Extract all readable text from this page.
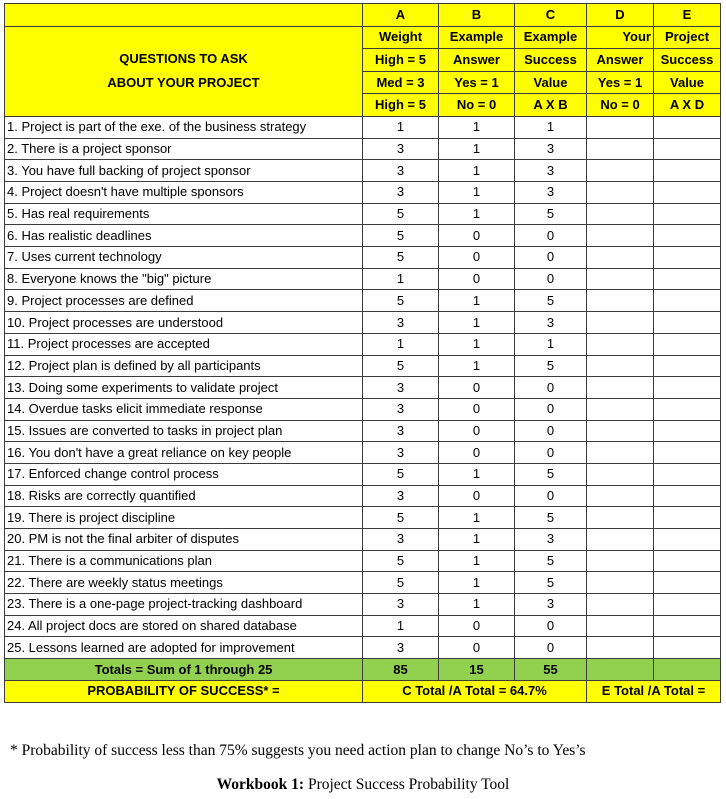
	A	B	C	D	E

QUESTIONS TO ASK
ABOUT YOUR PROJECT	Weight	Example	Example	Your	Project
	High = 5	Answer	Success	Answer	Success
	Med = 3	Yes = 1	Value	Yes = 1	Value
	High = 5	No = 0	A X B	No = 0	A X D
1. Project is part of the exe. of the business strategy	1	1	1		
2. There is a project sponsor	3	1	3		
3. You have full backing of project sponsor	3	1	3		
4. Project doesn't have multiple sponsors	3	1	3		
5. Has real requirements	5	1	5		
6. Has realistic deadlines	5	0	0		
7. Uses current technology	5	0	0		
8. Everyone knows the "big" picture	1	0	0		
9. Project processes are defined	5	1	5		
10. Project processes are understood	3	1	3		
11. Project processes are accepted	1	1	1		
12. Project plan is defined by all participants	5	1	5		
13. Doing some experiments to validate project	3	0	0		
14. Overdue tasks elicit immediate response	3	0	0		
15. Issues are converted to tasks in project plan	3	0	0		
16. You don't have a great reliance on key people	3	0	0		
17. Enforced change control process	5	1	5		
18. Risks are correctly quantified	3	0	0		
19. There is project discipline	5	1	5		
20. PM is not the final arbiter of disputes	3	1	3		
21. There is a communications plan	5	1	5		
22. There are weekly status meetings	5	1	5		
23. There is a one-page project-tracking dashboard	3	1	3		
24. All project docs are stored on shared database	1	0	0		
25. Lessons learned are adopted for improvement	3	0	0		
Totals = Sum of 1 through 25	85	15	55		
PROBABILITY OF SUCCESS* =	C Total /A Total = 64.7%			E Total /A Total =	
* Probability of success less than 75% suggests you need action plan to change No’s to Yes’s
Workbook 1: Project Success Probability Tool
